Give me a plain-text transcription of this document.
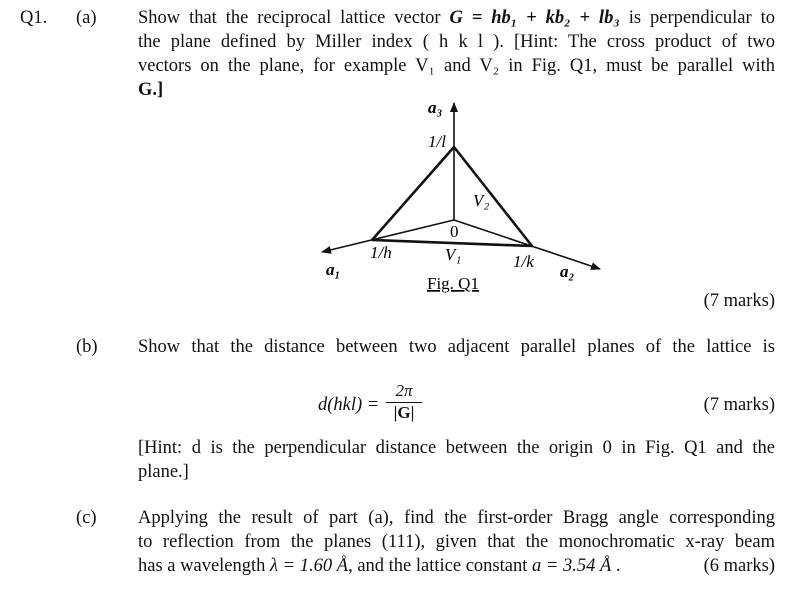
Q1. (a) Show that the reciprocal lattice vector G = hb₁ + kb₂ + lb₃ is perpendicular to
the plane defined by Miller index ( h k l ). [Hint: The cross product of two
vectors on the plane, for example V₁ and V₂ in Fig. Q1, must be parallel with
G.]
a₃
1/l
1/h	1/k
0
V₂
V₁
a₁	a₂
Fig. Q1
(7 marks)
(b) Show that the distance between two adjacent parallel planes of the lattice is
d(hkl) =
2π
|G|	(7 marks)
[Hint: d is the perpendicular distance between the origin 0 in Fig. Q1 and the
plane.]
(c) Applying the result of part (a), find the first-order Bragg angle corresponding
to reflection from the planes (111), given that the monochromatic x-ray beam
has a wavelength λ = 1.60 Å, and the lattice constant a = 3.54 Å .	(6 marks)
